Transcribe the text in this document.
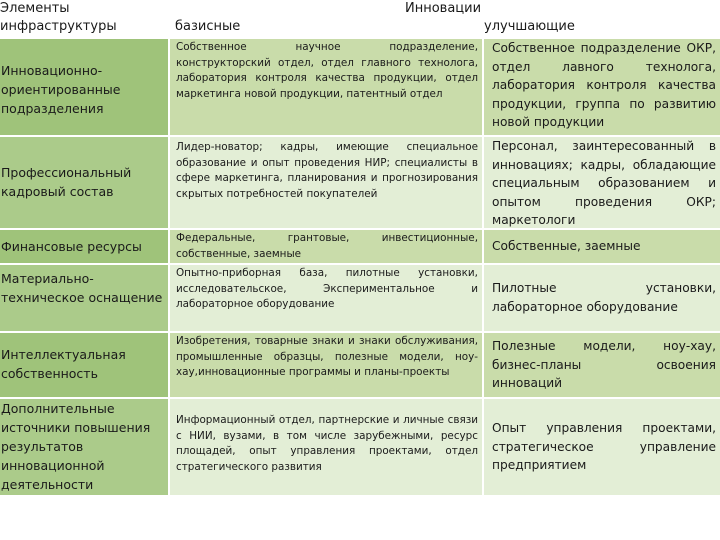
Элементы
инфраструктуры
Инновации
базисные	улучшающие
Инновационно-ориентированные подразделения
Собственное научное подразделение, конструкторский отдел, отдел главного технолога, лаборатория контроля качества продукции, отдел маркетинга новой продукции, патентный отдел
Собственное подразделение ОКР, отдел лавного технолога, лаборатория контроля качества продукции, группа по развитию новой продукции
Профессиональный кадровый состав
Лидер-новатор; кадры, имеющие специальное образование и опыт проведения НИР; специалисты в сфере маркетинга, планирования и прогнозирования скрытых потребностей покупателей
Персонал, заинтересованный в инновациях; кадры, обладающие специальным образованием и опытом проведения ОКР; маркетологи
Финансовые ресурсы
Федеральные, грантовые, инвестиционные, собственные, заемные
Собственные, заемные
Материально-техническое оснащение
Опытно-приборная база, пилотные установки, исследовательское, Экспериментальное и лабораторное оборудование
Пилотные установки, лабораторное оборудование
Интеллектуальная собственность
Изобретения, товарные знаки и знаки обслуживания, промышленные образцы, полезные модели, ноу-хау,инновационные программы и планы-проекты
Полезные модели, ноу-хау, бизнес-планы освоения инноваций
Дополнительные источники повышения результатов инновационной деятельности
Информационный отдел, партнерские и личные связи с НИИ, вузами, в том числе зарубежными, ресурс площадей, опыт управления проектами, отдел стратегического развития
Опыт управления проектами, стратегическое управление предприятием
